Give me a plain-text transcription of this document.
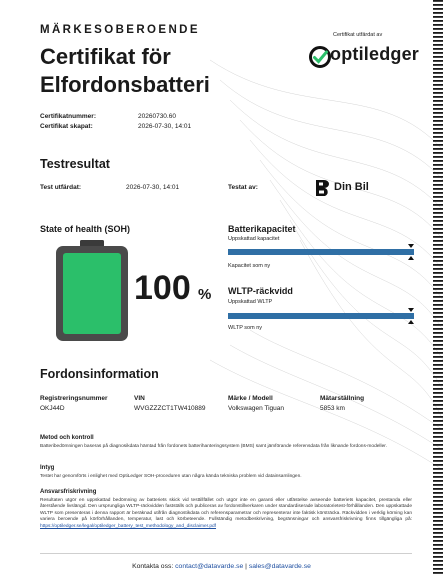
MÄRKESOBEROENDE
Certifikat för
Elfordonsbatteri
Certifikat utfärdat av
optiledger
Certifikatnummer:	20260730.60
Certifikat skapat:	2026-07-30, 14:01
Testresultat
Test utfärdat:	2026-07-30, 14:01	Testat av:	Din Bil
State of health (SOH)
100 %
Batterikapacitet
Uppskattad kapacitet
Kapacitet som ny
WLTP-räckvidd
Uppskattad WLTP
WLTP som ny
Fordonsinformation
Registreringsnummer
OKJ44D
VIN
WVGZZZCT1TW410889
Märke / Modell
Volkswagen Tiguan
Mätarställning
5853 km
Metod och kontroll
Batteribedömningen baseras på diagnosikdata hämtad från fordonets batterihanteringssystem (BMS) samt jämförande referensdata från liknande fordons-modeller.
Intyg
Testet har genomförts i enlighet med OptiLedger SOH-proceduren utan några kända tekniska problem vid datainsamlingen.
Ansvarsfriskrivning
Resultaten utgör en uppskattad bedömning av batteriets skick vid testtillfället och utgör inte en garanti eller utfästelse avseende batteriets kapacitet, prestanda eller återstående livslängd. Den ursprungliga WLTP-räckvidden fastställs och publiceras av fordonstillverkaren under standardiserade laboratorietest-förhållanden. Den uppskattade WLTP som presenteras i denna rapport är beräknad utifrån diagnostikdata och referensparametrar och representerar inte faktisk körsträcka. Räckvidden i verklig körning kan variera beroende på körförhållanden, temperatur, last och körbeteende. Fullständig metodbeskrivning, begränsningar och ansvarsfriskrivning finns tillgängliga på: https://optiledger.se/legal/optiledger_battery_test_methodology_and_disclaimer.pdf
Kontakta oss: contact@datavarde.se | sales@datavarde.se
